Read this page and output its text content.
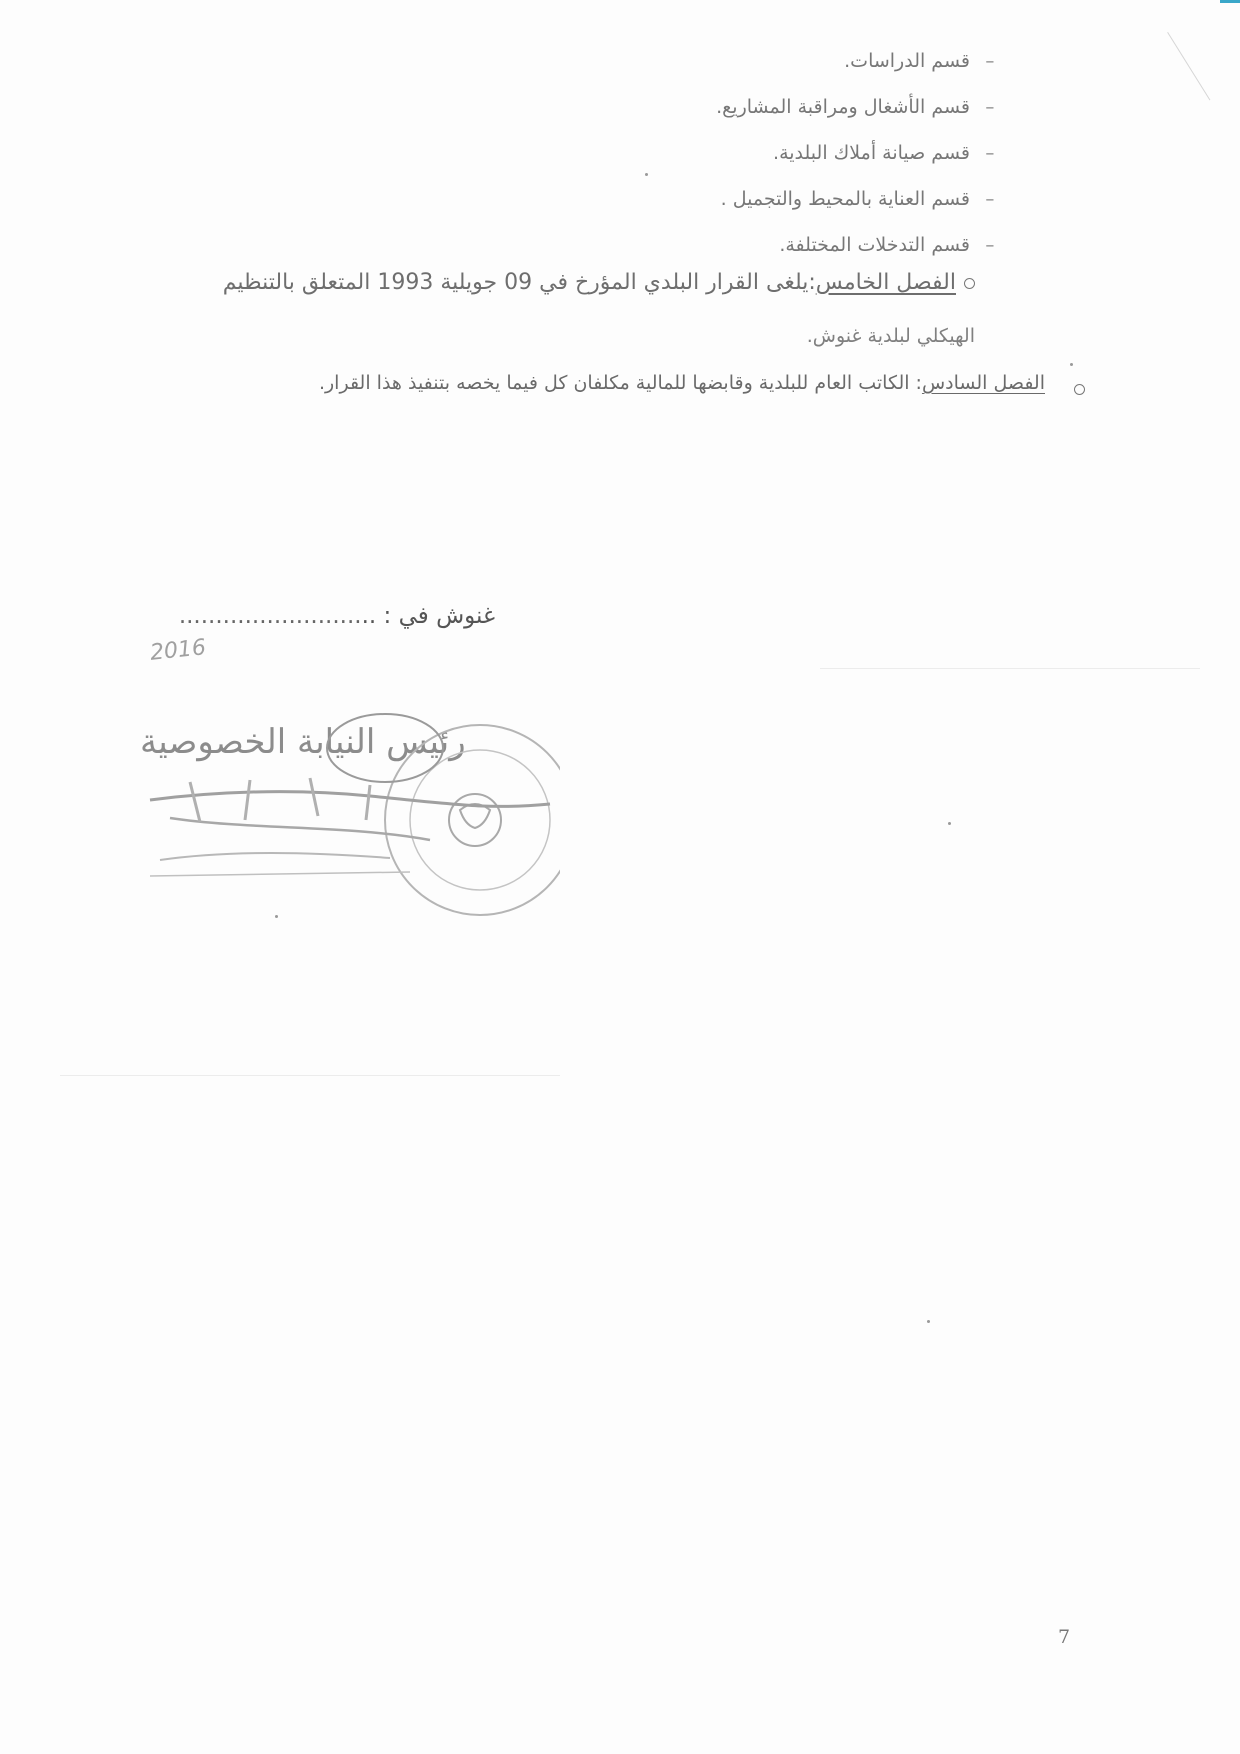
–
قسم الدراسات.
–
قسم الأشغال ومراقبة المشاريع.
–
قسم صيانة أملاك البلدية.
–
قسم العناية بالمحيط والتجميل .
–
قسم التدخلات المختلفة.
الفصل الخامس:يلغى القرار البلدي المؤرخ في 09 جويلية 1993 المتعلق بالتنظيم
الهيكلي لبلدية غنوش.
الفصل السادس
: الكاتب العام للبلدية وقابضها للمالية مكلفان كل فيما يخصه بتنفيذ هذا القرار.
غنوش في : ...........................
2016
رئيس النيابة الخصوصية
7
